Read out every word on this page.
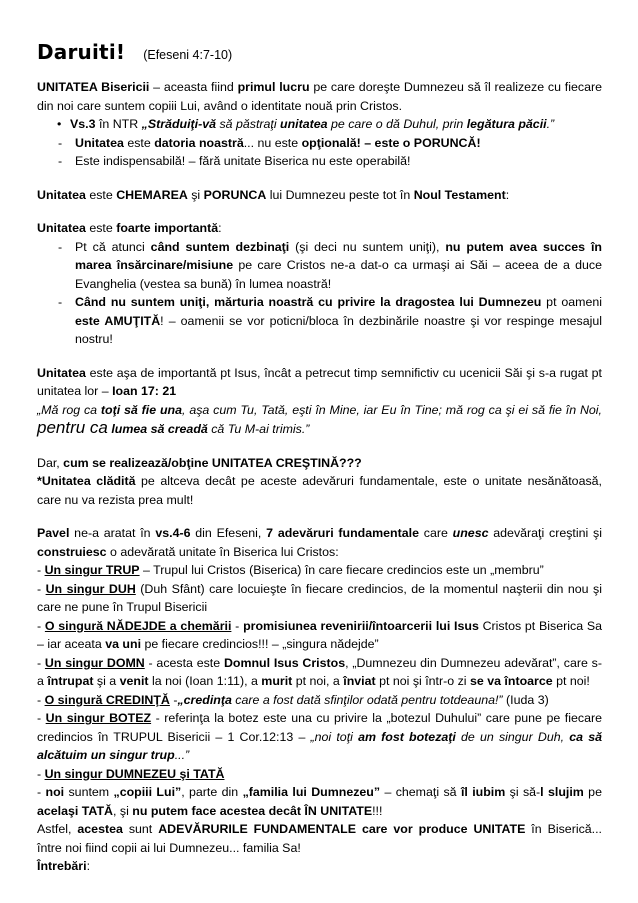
Daruiti! (Efeseni 4:7-10)

UNITATEA Bisericii – aceasta fiind primul lucru pe care doreşte Dumnezeu să îl realizeze cu fiecare din noi care suntem copiii Lui, având o identitate nouă prin Cristos.

• Vs.3 în NTR „Străduiţi-vă să păstraţi unitatea pe care o dă Duhul, prin legătura păcii.”
- Unitatea este datoria noastră... nu este opţională! – este o PORUNCĂ!
- Este indispensabilă! – fără unitate Biserica nu este operabilă!

Unitatea este CHEMAREA şi PORUNCA lui Dumnezeu peste tot în Noul Testament:

Unitatea este foarte importantă:

- Pt că atunci când suntem dezbinaţi (şi deci nu suntem uniţi), nu putem avea succes în marea însărcinare/misiune pe care Cristos ne-a dat-o ca urmaşi ai Săi – aceea de a duce Evanghelia (vestea sa bună) în lumea noastră!
- Când nu suntem uniţi, mărturia noastră cu privire la dragostea lui Dumnezeu pt oameni este AMUŢITĂ! – oamenii se vor poticni/bloca în dezbinările noastre şi vor respinge mesajul nostru!

Unitatea este aşa de importantă pt Isus, încât a petrecut timp semnifictiv cu ucenicii Săi şi s-a rugat pt unitatea lor – Ioan 17: 21

„Mă rog ca toţi să fie una, aşa cum Tu, Tată, eşti în Mine, iar Eu în Tine; mă rog ca şi ei să fie în Noi, pentru ca lumea să creadă că Tu M-ai trimis.”

Dar, cum se realizează/obţine UNITATEA CREŞTINĂ???

*Unitatea clădită pe altceva decât pe aceste adevăruri fundamentale, este o unitate nesănătoasă, care nu va rezista prea mult!

Pavel ne-a aratat în vs.4-6 din Efeseni, 7 adevăruri fundamentale care unesc adevăraţi creştini şi construiesc o adevărată unitate în Biserica lui Cristos:

- Un singur TRUP – Trupul lui Cristos (Biserica) în care fiecare credincios este un „membru”

- Un singur DUH (Duh Sfânt) care locuieşte în fiecare credincios, de la momentul naşterii din nou şi care ne pune în Trupul Bisericii

- O singură NĂDEJDE a chemării - promisiunea revenirii/întoarcerii lui Isus Cristos pt Biserica Sa – iar aceata va uni pe fiecare credincios!!! – „singura nădejde”

- Un singur DOMN - acesta este Domnul Isus Cristos, „Dumnezeu din Dumnezeu adevărat”, care s-a întrupat şi a venit la noi (Ioan 1:11), a murit pt noi, a înviat pt noi şi într-o zi se va întoarce pt noi!

- O singură CREDINŢĂ -„credinţa care a fost dată sfinţilor odată pentru totdeauna!” (Iuda 3)

- Un singur BOTEZ - referinţa la botez este una cu privire la „botezul Duhului” care pune pe fiecare credincios în TRUPUL Bisericii – 1 Cor.12:13 – „noi toţi am fost botezaţi de un singur Duh, ca să alcătuim un singur trup...”

- Un singur DUMNEZEU şi TATĂ

- noi suntem „copiii Lui”, parte din „familia lui Dumnezeu” – chemaţi să îl iubim şi să-l slujim pe acelaşi TATĂ, şi nu putem face acestea decât ÎN UNITATE!!!

Astfel, acestea sunt ADEVĂRURILE FUNDAMENTALE care vor produce UNITATE în Biserică... între noi fiind copii ai lui Dumnezeu... familia Sa!

Întrebări:
